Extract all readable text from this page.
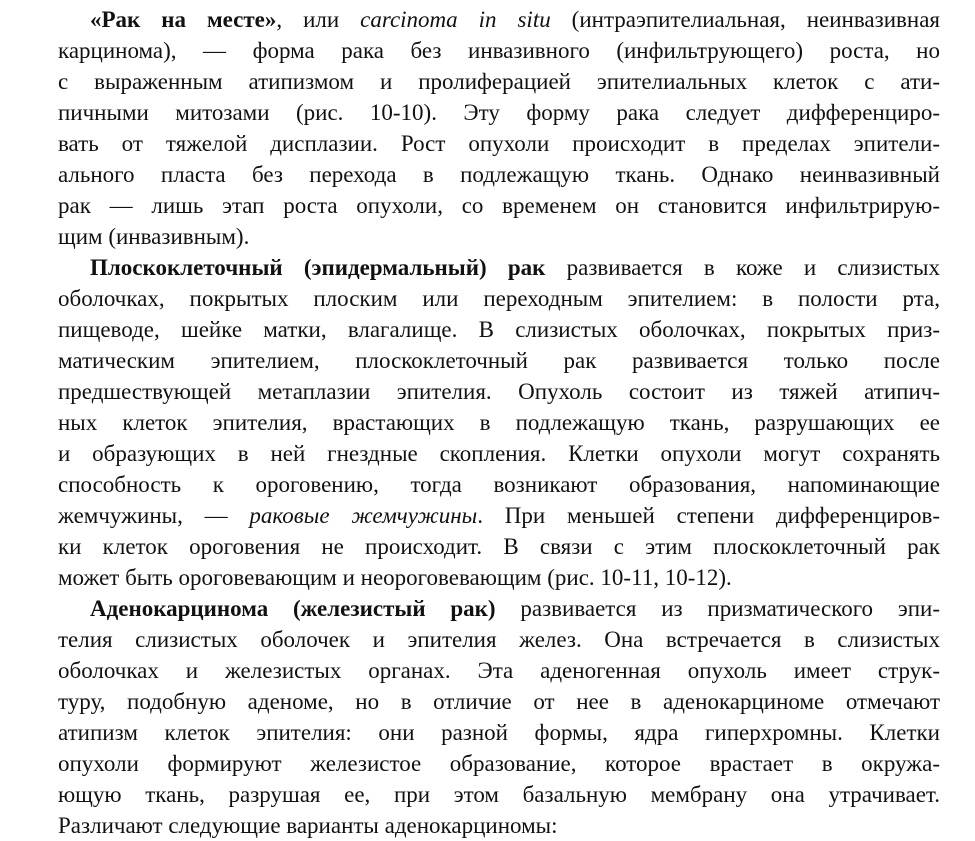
«Рак на месте», или carcinoma in situ (интраэпителиальная, неинвазивная
карцинома), — форма рака без инвазивного (инфильтрующего) роста, но
с выраженным атипизмом и пролиферацией эпителиальных клеток с ати-
пичными митозами (рис. 10-10). Эту форму рака следует дифференциро-
вать от тяжелой дисплазии. Рост опухоли происходит в пределах эпители-
ального пласта без перехода в подлежащую ткань. Однако неинвазивный
рак — лишь этап роста опухоли, со временем он становится инфильтрирую-
щим (инвазивным).
Плоскоклеточный (эпидермальный) рак развивается в коже и слизистых
оболочках, покрытых плоским или переходным эпителием: в полости рта,
пищеводе, шейке матки, влагалище. В слизистых оболочках, покрытых приз-
матическим эпителием, плоскоклеточный рак развивается только после
предшествующей метаплазии эпителия. Опухоль состоит из тяжей атипич-
ных клеток эпителия, врастающих в подлежащую ткань, разрушающих ее
и образующих в ней гнездные скопления. Клетки опухоли могут сохранять
способность к ороговению, тогда возникают образования, напоминающие
жемчужины, — раковые жемчужины. При меньшей степени дифференциров-
ки клеток ороговения не происходит. В связи с этим плоскоклеточный рак
может быть ороговевающим и неороговевающим (рис. 10-11, 10-12).
Аденокарцинома (железистый рак) развивается из призматического эпи-
телия слизистых оболочек и эпителия желез. Она встречается в слизистых
оболочках и железистых органах. Эта аденогенная опухоль имеет струк-
туру, подобную аденоме, но в отличие от нее в аденокарциноме отмечают
атипизм клеток эпителия: они разной формы, ядра гиперхромны. Клетки
опухоли формируют железистое образование, которое врастает в окружа-
ющую ткань, разрушая ее, при этом базальную мембрану она утрачивает.
Различают следующие варианты аденокарциномы:
